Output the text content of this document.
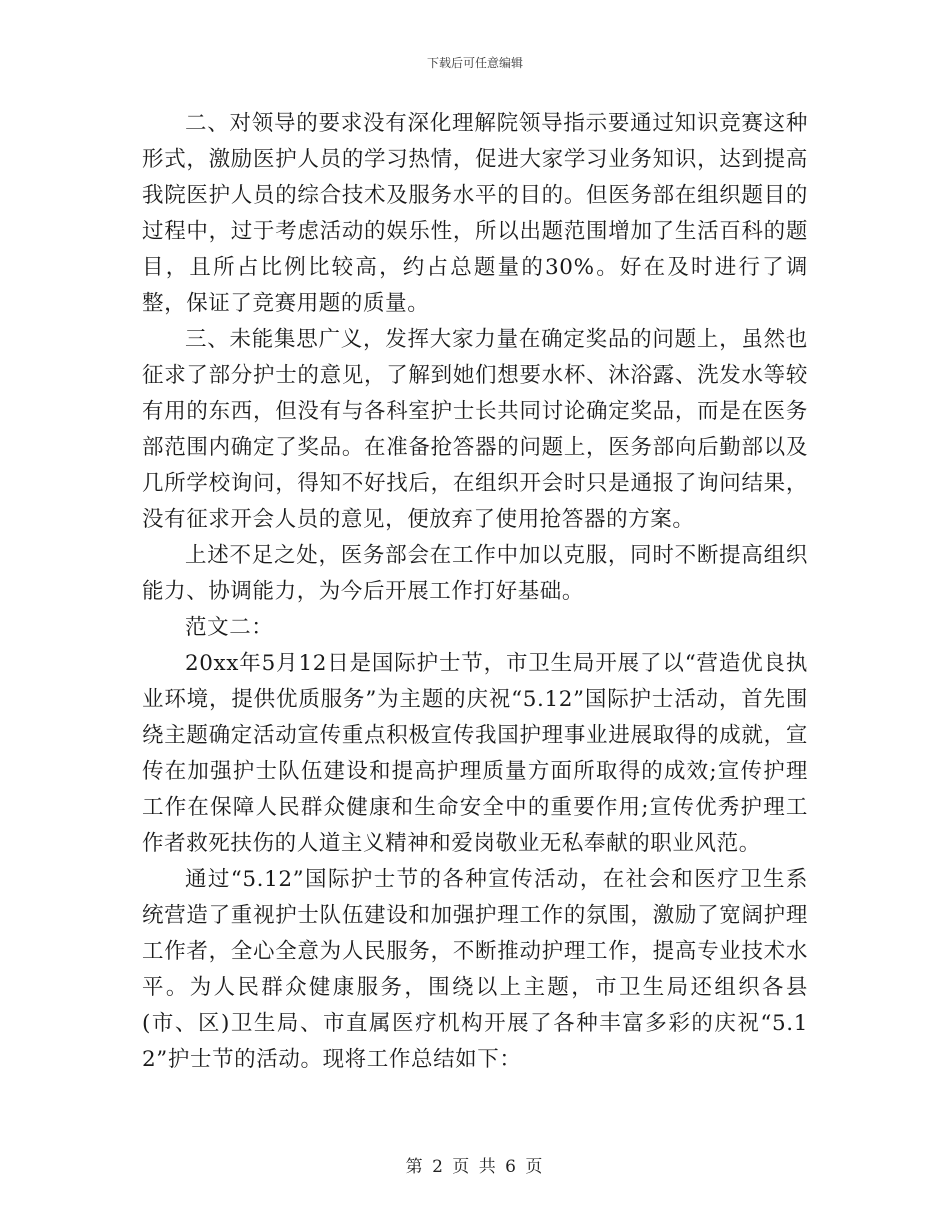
下载后可任意编辑

二、对领导的要求没有深化理解院领导指示要通过知识竞赛这种形式，激励医护人员的学习热情，促进大家学习业务知识，达到提高我院医护人员的综合技术及服务水平的目的。但医务部在组织题目的过程中，过于考虑活动的娱乐性，所以出题范围增加了生活百科的题目，且所占比例比较高，约占总题量的30%。好在及时进行了调整，保证了竞赛用题的质量。

三、未能集思广义，发挥大家力量在确定奖品的问题上，虽然也征求了部分护士的意见，了解到她们想要水杯、沐浴露、洗发水等较有用的东西，但没有与各科室护士长共同讨论确定奖品，而是在医务部范围内确定了奖品。在准备抢答器的问题上，医务部向后勤部以及几所学校询问，得知不好找后，在组织开会时只是通报了询问结果，没有征求开会人员的意见，便放弃了使用抢答器的方案。

上述不足之处，医务部会在工作中加以克服，同时不断提高组织能力、协调能力，为今后开展工作打好基础。

范文二：

20xx年5月12日是国际护士节，市卫生局开展了以“营造优良执业环境，提供优质服务”为主题的庆祝“5.12”国际护士活动，首先围绕主题确定活动宣传重点积极宣传我国护理事业进展取得的成就，宣传在加强护士队伍建设和提高护理质量方面所取得的成效;宣传护理工作在保障人民群众健康和生命安全中的重要作用;宣传优秀护理工作者救死扶伤的人道主义精神和爱岗敬业无私奉献的职业风范。

通过“5.12”国际护士节的各种宣传活动，在社会和医疗卫生系统营造了重视护士队伍建设和加强护理工作的氛围，激励了宽阔护理工作者，全心全意为人民服务，不断推动护理工作，提高专业技术水平。为人民群众健康服务，围绕以上主题，市卫生局还组织各县(市、区)卫生局、市直属医疗机构开展了各种丰富多彩的庆祝“5.12”护士节的活动。现将工作总结如下：

第 2 页 共 6 页
